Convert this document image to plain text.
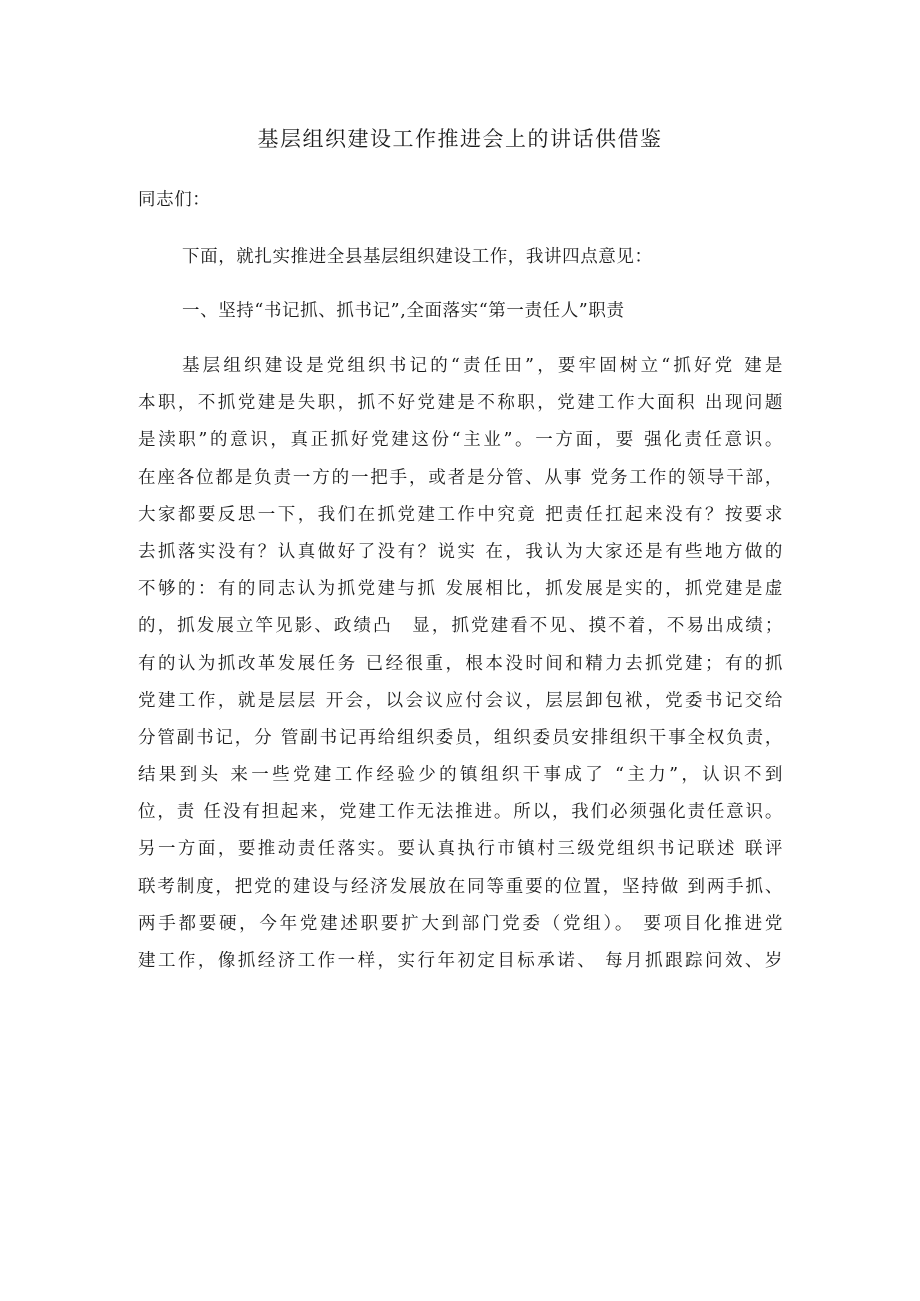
基层组织建设工作推进会上的讲话供借鉴
同志们：
下面，就扎实推进全县基层组织建设工作，我讲四点意见：
一、坚持“书记抓、抓书记”,全面落实“第一责任人”职责
基层组织建设是党组织书记的“责任田”，要牢固树立“抓好党 建是
本职，不抓党建是失职，抓不好党建是不称职，党建工作大面积 出现问题
是渎职”的意识，真正抓好党建这份“主业”。一方面，要 强化责任意识。
在座各位都是负责一方的一把手，或者是分管、从事 党务工作的领导干部，
大家都要反思一下，我们在抓党建工作中究竟 把责任扛起来没有？按要求
去抓落实没有？认真做好了没有？说实 在，我认为大家还是有些地方做的
不够的：有的同志认为抓党建与抓 发展相比，抓发展是实的，抓党建是虚
的，抓发展立竿见影、政绩凸　显，抓党建看不见、摸不着，不易出成绩；
有的认为抓改革发展任务 已经很重，根本没时间和精力去抓党建；有的抓
党建工作，就是层层 开会，以会议应付会议，层层卸包袱，党委书记交给
分管副书记，分 管副书记再给组织委员，组织委员安排组织干事全权负责，
结果到头 来一些党建工作经验少的镇组织干事成了 “主力”，认识不到
位，责 任没有担起来，党建工作无法推进。所以，我们必须强化责任意识。
另一方面，要推动责任落实。要认真执行市镇村三级党组织书记联述 联评
联考制度，把党的建设与经济发展放在同等重要的位置，坚持做 到两手抓、
两手都要硬，今年党建述职要扩大到部门党委（党组）。 要项目化推进党
建工作，像抓经济工作一样，实行年初定目标承诺、 每月抓跟踪问效、岁
